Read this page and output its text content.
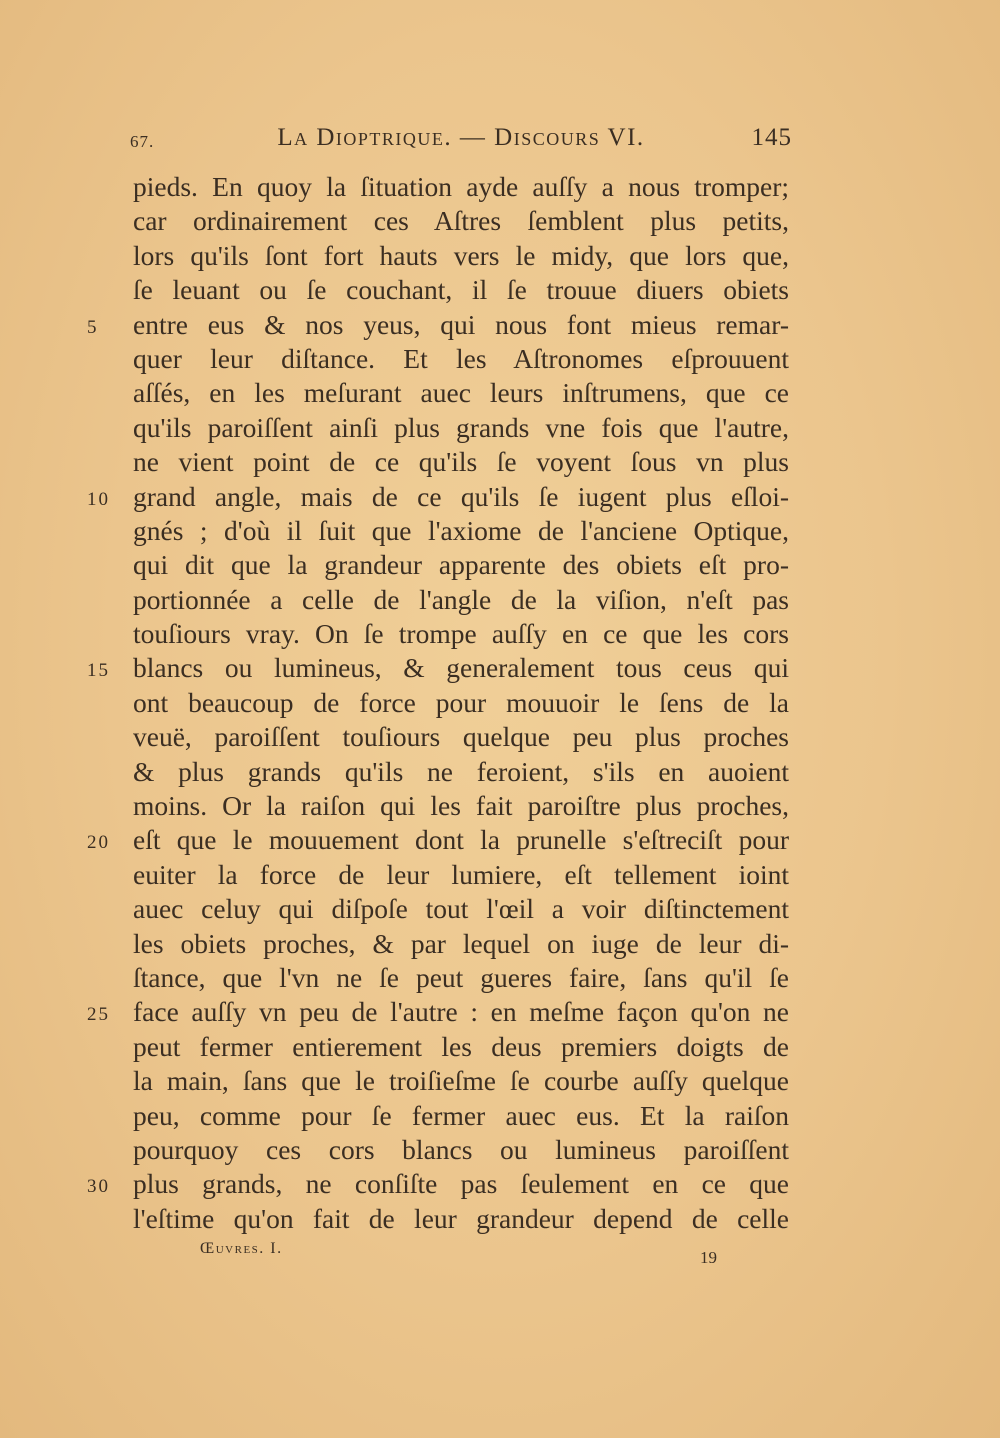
67.	La Dioptrique. — Discours VI.	145
pieds. En quoy la ſituation ayde auſſy a nous tromper;
car ordinairement ces Aſtres ſemblent plus petits,
lors qu'ils ſont fort hauts vers le midy, que lors que,
ſe leuant ou ſe couchant, il ſe trouue diuers obiets
entre eus & nos yeus, qui nous font mieus remar-
5
quer leur diſtance. Et les Aſtronomes eſprouuent
aſſés, en les meſurant auec leurs inſtrumens, que ce
qu'ils paroiſſent ainſi plus grands vne fois que l'autre,
ne vient point de ce qu'ils ſe voyent ſous vn plus
grand angle, mais de ce qu'ils ſe iugent plus eſloi-
10
gnés ; d'où il ſuit que l'axiome de l'anciene Optique,
qui dit que la grandeur apparente des obiets eſt pro-
portionnée a celle de l'angle de la viſion, n'eſt pas
touſiours vray. On ſe trompe auſſy en ce que les cors
blancs ou lumineus, & generalement tous ceus qui
15
ont beaucoup de force pour mouuoir le ſens de la
veuë, paroiſſent touſiours quelque peu plus proches
& plus grands qu'ils ne feroient, s'ils en auoient
moins. Or la raiſon qui les fait paroiſtre plus proches,
eſt que le mouuement dont la prunelle s'eſtreciſt pour
20
euiter la force de leur lumiere, eſt tellement ioint
auec celuy qui diſpoſe tout l'œil a voir diſtinctement
les obiets proches, & par lequel on iuge de leur di-
ſtance, que l'vn ne ſe peut gueres faire, ſans qu'il ſe
face auſſy vn peu de l'autre : en meſme façon qu'on ne
25
peut fermer entierement les deus premiers doigts de
la main, ſans que le troiſieſme ſe courbe auſſy quelque
peu, comme pour ſe fermer auec eus. Et la raiſon
pourquoy ces cors blancs ou lumineus paroiſſent
plus grands, ne conſiſte pas ſeulement en ce que
30
l'eſtime qu'on fait de leur grandeur depend de celle
Œuvres. I.	19
